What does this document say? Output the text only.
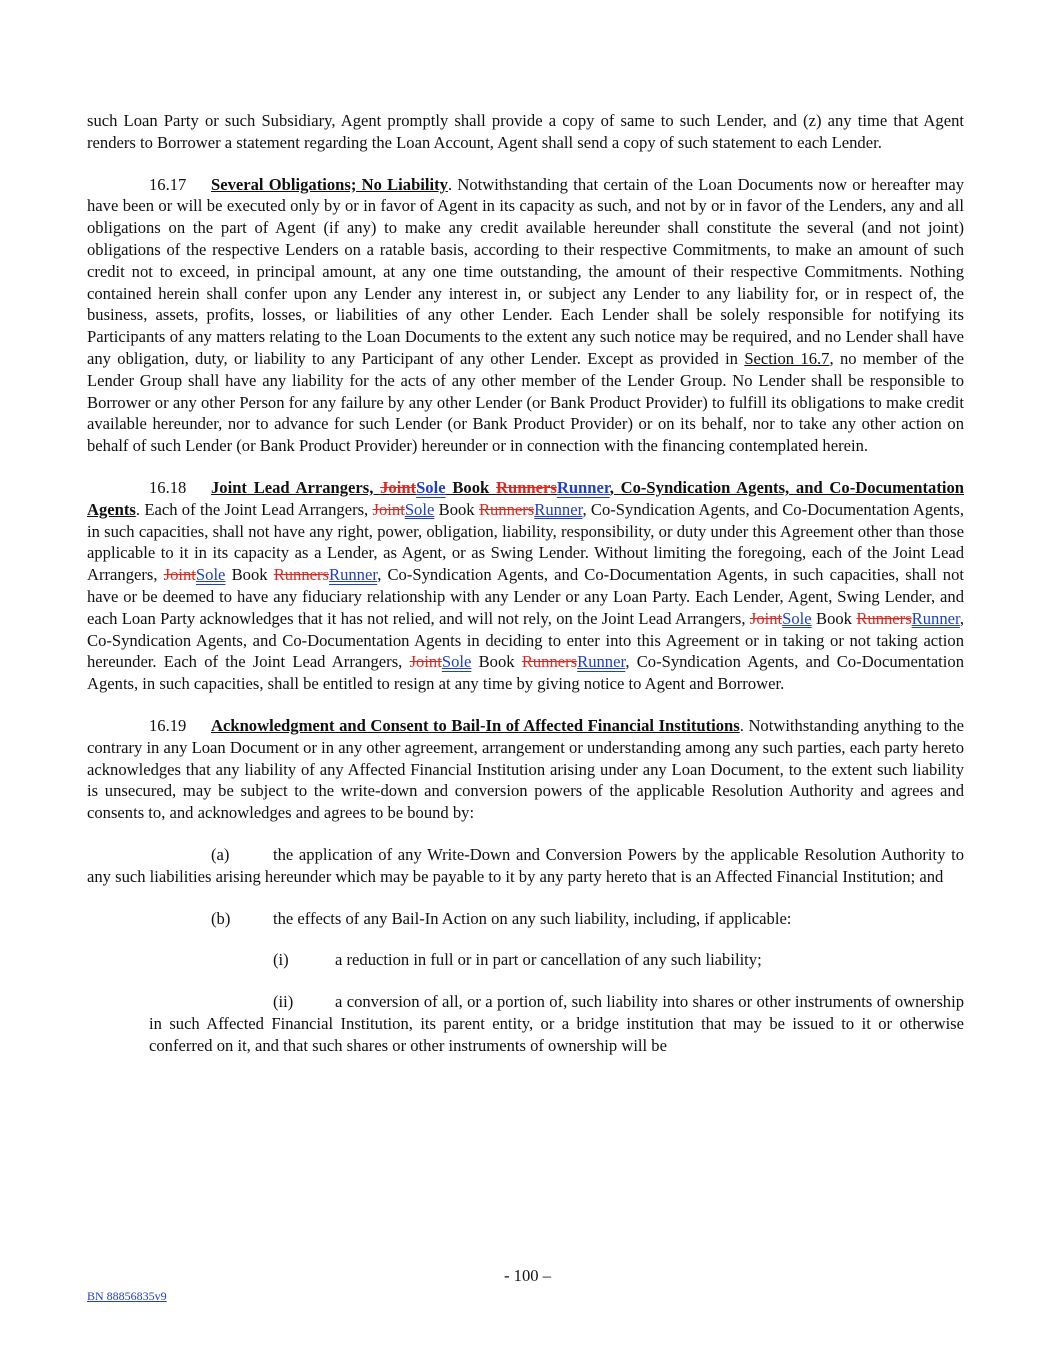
such Loan Party or such Subsidiary, Agent promptly shall provide a copy of same to such Lender, and (z) any time that Agent renders to Borrower a statement regarding the Loan Account, Agent shall send a copy of such statement to each Lender.

16.17 Several Obligations; No Liability. Notwithstanding that certain of the Loan Documents now or hereafter may have been or will be executed only by or in favor of Agent in its capacity as such, and not by or in favor of the Lenders, any and all obligations on the part of Agent (if any) to make any credit available hereunder shall constitute the several (and not joint) obligations of the respective Lenders on a ratable basis, according to their respective Commitments, to make an amount of such credit not to exceed, in principal amount, at any one time outstanding, the amount of their respective Commitments. Nothing contained herein shall confer upon any Lender any interest in, or subject any Lender to any liability for, or in respect of, the business, assets, profits, losses, or liabilities of any other Lender. Each Lender shall be solely responsible for notifying its Participants of any matters relating to the Loan Documents to the extent any such notice may be required, and no Lender shall have any obligation, duty, or liability to any Participant of any other Lender. Except as provided in Section 16.7, no member of the Lender Group shall have any liability for the acts of any other member of the Lender Group. No Lender shall be responsible to Borrower or any other Person for any failure by any other Lender (or Bank Product Provider) to fulfill its obligations to make credit available hereunder, nor to advance for such Lender (or Bank Product Provider) or on its behalf, nor to take any other action on behalf of such Lender (or Bank Product Provider) hereunder or in connection with the financing contemplated herein.

16.18 Joint Lead Arrangers, JointSole Book RunnersRunner, Co-Syndication Agents, and Co-Documentation Agents. Each of the Joint Lead Arrangers, JointSole Book RunnersRunner, Co-Syndication Agents, and Co-Documentation Agents, in such capacities, shall not have any right, power, obligation, liability, responsibility, or duty under this Agreement other than those applicable to it in its capacity as a Lender, as Agent, or as Swing Lender. Without limiting the foregoing, each of the Joint Lead Arrangers, JointSole Book RunnersRunner, Co-Syndication Agents, and Co-Documentation Agents, in such capacities, shall not have or be deemed to have any fiduciary relationship with any Lender or any Loan Party. Each Lender, Agent, Swing Lender, and each Loan Party acknowledges that it has not relied, and will not rely, on the Joint Lead Arrangers, JointSole Book RunnersRunner, Co-Syndication Agents, and Co-Documentation Agents in deciding to enter into this Agreement or in taking or not taking action hereunder. Each of the Joint Lead Arrangers, JointSole Book RunnersRunner, Co-Syndication Agents, and Co-Documentation Agents, in such capacities, shall be entitled to resign at any time by giving notice to Agent and Borrower.

16.19 Acknowledgment and Consent to Bail-In of Affected Financial Institutions. Notwithstanding anything to the contrary in any Loan Document or in any other agreement, arrangement or understanding among any such parties, each party hereto acknowledges that any liability of any Affected Financial Institution arising under any Loan Document, to the extent such liability is unsecured, may be subject to the write-down and conversion powers of the applicable Resolution Authority and agrees and consents to, and acknowledges and agrees to be bound by:

(a)	the application of any Write-Down and Conversion Powers by the applicable Resolution Authority to any such liabilities arising hereunder which may be payable to it by any party hereto that is an Affected Financial Institution; and

(b)	the effects of any Bail-In Action on any such liability, including, if applicable:

(i)	a reduction in full or in part or cancellation of any such liability;

(ii)	a conversion of all, or a portion of, such liability into shares or other instruments of ownership in such Affected Financial Institution, its parent entity, or a bridge institution that may be issued to it or otherwise conferred on it, and that such shares or other instruments of ownership will be

- 100 –
BN 88856835v9
